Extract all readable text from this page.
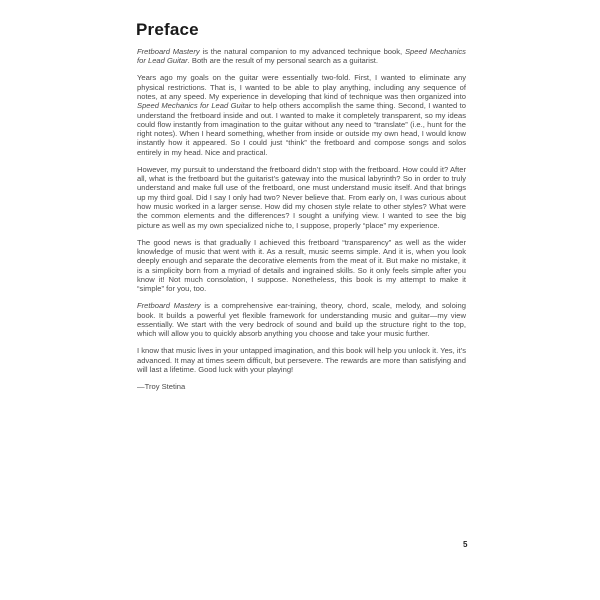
Preface

Fretboard Mastery is the natural companion to my advanced technique book, Speed Mechanics for Lead Guitar. Both are the result of my personal search as a guitarist.

Years ago my goals on the guitar were essentially two-fold. First, I wanted to eliminate any physical restrictions. That is, I wanted to be able to play anything, including any sequence of notes, at any speed. My experience in developing that kind of technique was then organized into Speed Mechanics for Lead Guitar to help others accomplish the same thing. Second, I wanted to understand the fretboard inside and out. I wanted to make it completely transparent, so my ideas could flow instantly from imagination to the guitar without any need to “translate” (i.e., hunt for the right notes). When I heard something, whether from inside or outside my own head, I would know instantly how it appeared. So I could just “think” the fretboard and compose songs and solos entirely in my head. Nice and practical.

However, my pursuit to understand the fretboard didn’t stop with the fretboard. How could it? After all, what is the fretboard but the guitarist’s gateway into the musical labyrinth? So in order to truly understand and make full use of the fretboard, one must understand music itself. And that brings up my third goal. Did I say I only had two? Never believe that. From early on, I was curious about how music worked in a larger sense. How did my chosen style relate to other styles? What were the common elements and the differences? I sought a unifying view. I wanted to see the big picture as well as my own specialized niche to, I suppose, properly “place” my experience.

The good news is that gradually I achieved this fretboard “transparency” as well as the wider knowledge of music that went with it. As a result, music seems simple. And it is, when you look deeply enough and separate the decorative elements from the meat of it. But make no mistake, it is a simplicity born from a myriad of details and ingrained skills. So it only feels simple after you know it! Not much consolation, I suppose. Nonetheless, this book is my attempt to make it “simple” for you, too.

Fretboard Mastery is a comprehensive ear-training, theory, chord, scale, melody, and soloing book. It builds a powerful yet flexible framework for understanding music and guitar—my view essentially. We start with the very bedrock of sound and build up the structure right to the top, which will allow you to quickly absorb anything you choose and take your music further.

I know that music lives in your untapped imagination, and this book will help you unlock it. Yes, it’s advanced. It may at times seem difficult, but persevere. The rewards are more than satisfying and will last a lifetime. Good luck with your playing!

—Troy Stetina

5
